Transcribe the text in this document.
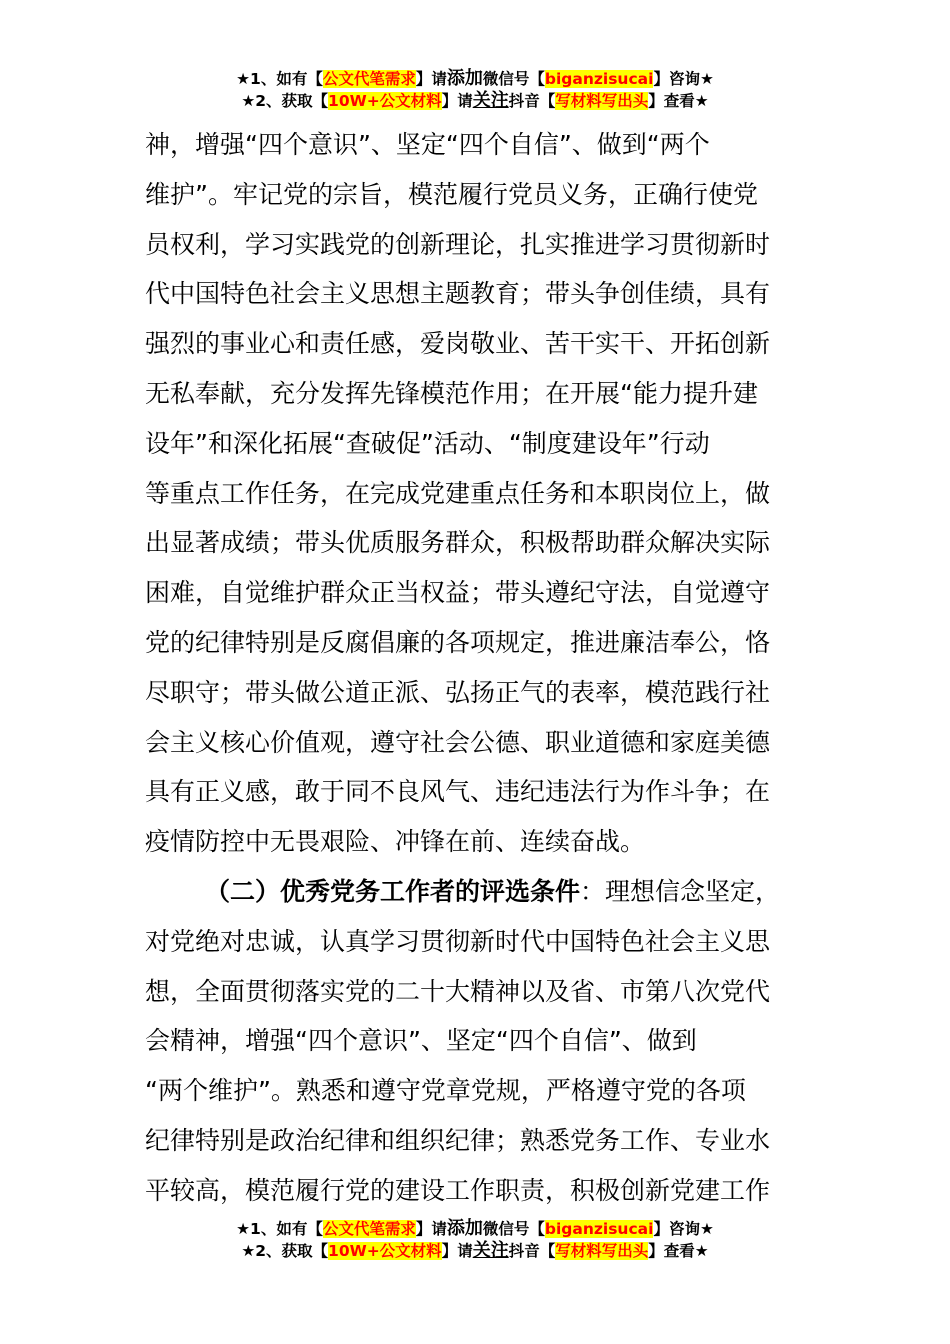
★1、如有【公文代笔需求】请添加微信号【biganzisucai】咨询★
★2、获取【10W+公文材料】请关注抖音【写材料写出头】查看★
神，增强“四个意识”、坚定“四个自信”、做到“两个
维护”。牢记党的宗旨，模范履行党员义务，正确行使党
员权利，学习实践党的创新理论，扎实推进学习贯彻新时
代中国特色社会主义思想主题教育；带头争创佳绩，具有
强烈的事业心和责任感，爱岗敬业、苦干实干、开拓创新
无私奉献，充分发挥先锋模范作用；在开展“能力提升建
设年”和深化拓展“查破促”活动、“制度建设年”行动
等重点工作任务，在完成党建重点任务和本职岗位上，做
出显著成绩；带头优质服务群众，积极帮助群众解决实际
困难，自觉维护群众正当权益；带头遵纪守法，自觉遵守
党的纪律特别是反腐倡廉的各项规定，推进廉洁奉公，恪
尽职守；带头做公道正派、弘扬正气的表率，模范践行社
会主义核心价值观，遵守社会公德、职业道德和家庭美德
具有正义感，敢于同不良风气、违纪违法行为作斗争；在
疫情防控中无畏艰险、冲锋在前、连续奋战。
（二）优秀党务工作者的评选条件：理想信念坚定，
对党绝对忠诚，认真学习贯彻新时代中国特色社会主义思
想，全面贯彻落实党的二十大精神以及省、市第八次党代
会精神，增强“四个意识”、坚定“四个自信”、做到
“两个维护”。熟悉和遵守党章党规，严格遵守党的各项
纪律特别是政治纪律和组织纪律；熟悉党务工作、专业水
平较高，模范履行党的建设工作职责，积极创新党建工作
★1、如有【公文代笔需求】请添加微信号【biganzisucai】咨询★
★2、获取【10W+公文材料】请关注抖音【写材料写出头】查看★
